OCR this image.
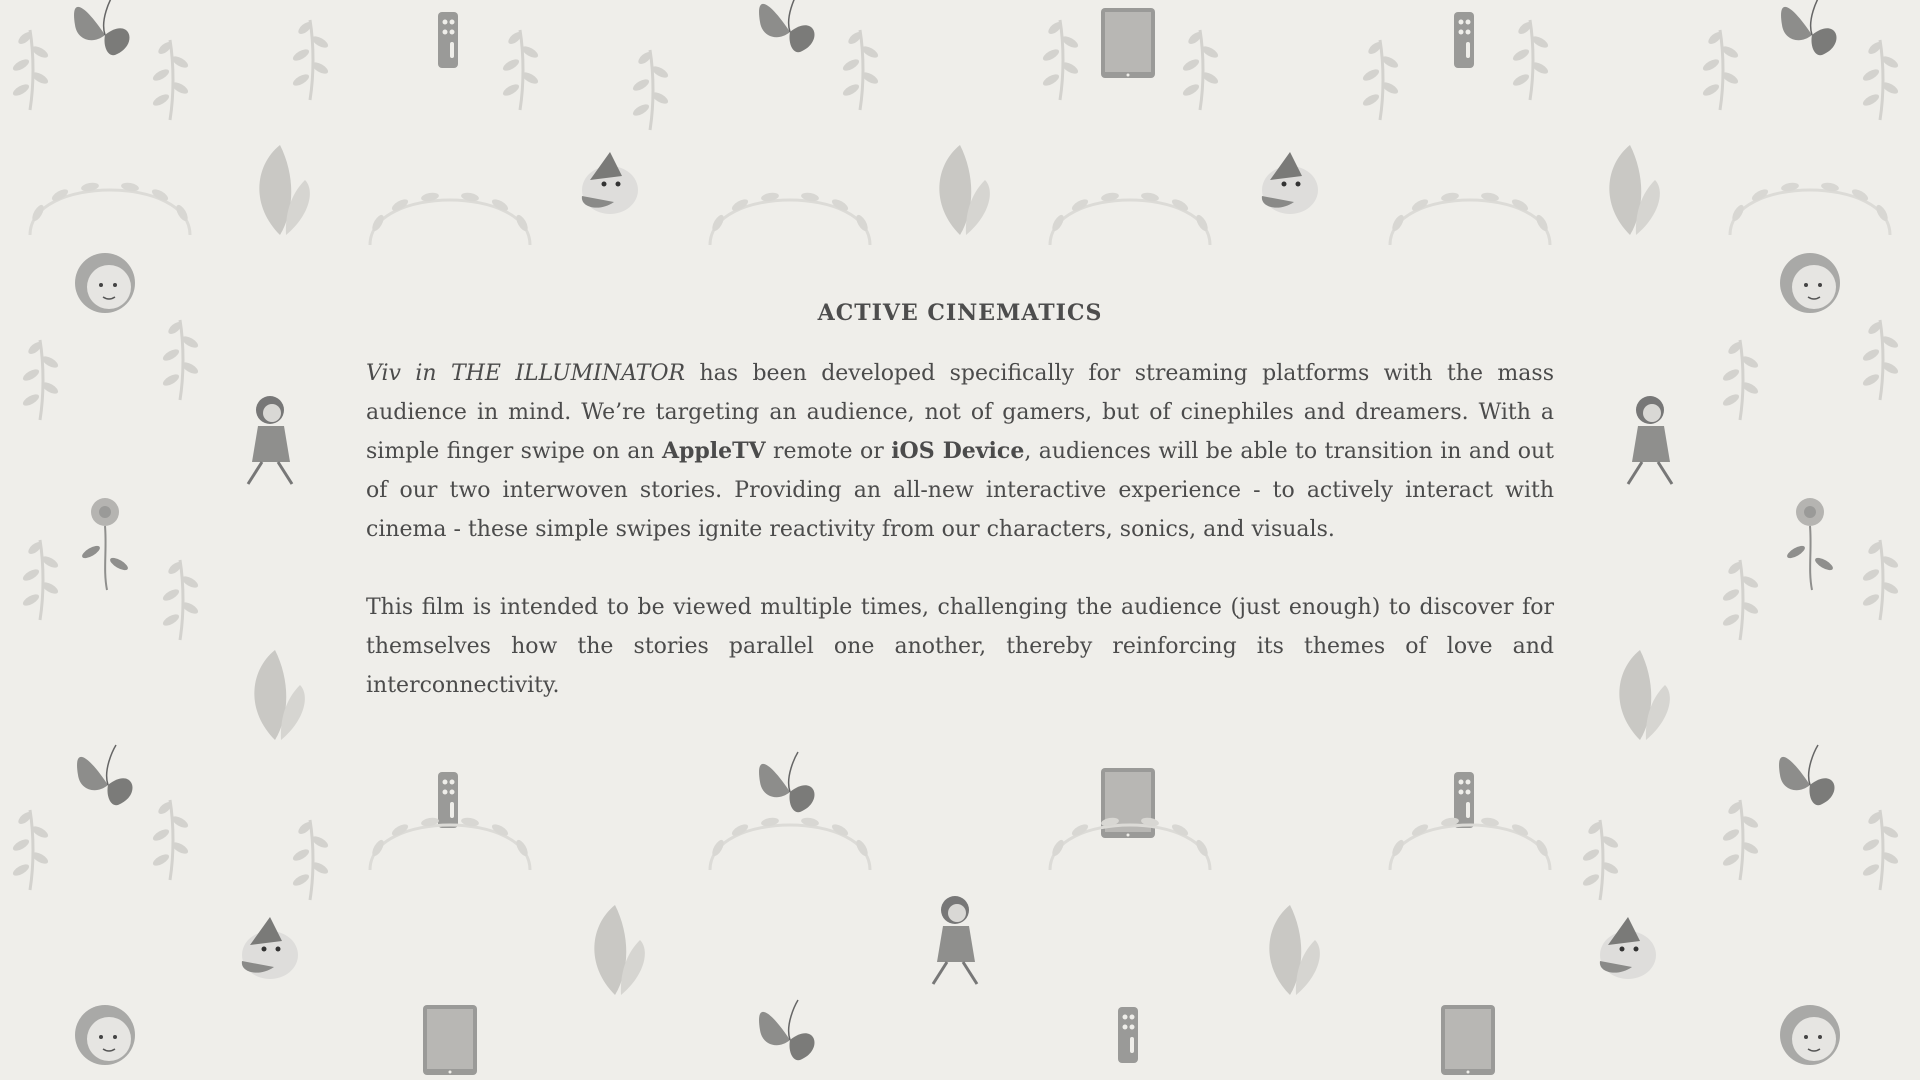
ACTIVE CINEMATICS

Viv in THE ILLUMINATOR has been developed specifically for streaming platforms with the mass audience in mind. We’re targeting an audience, not of gamers, but of cinephiles and dreamers. With a simple finger swipe on an AppleTV remote or iOS Device, audiences will be able to transition in and out of our two interwoven stories. Providing an all-new interactive experience - to actively interact with cinema - these simple swipes ignite reactivity from our characters, sonics, and visuals.

This film is intended to be viewed multiple times, challenging the audience (just enough) to discover for themselves how the stories parallel one another, thereby reinforcing its themes of love and interconnectivity.
